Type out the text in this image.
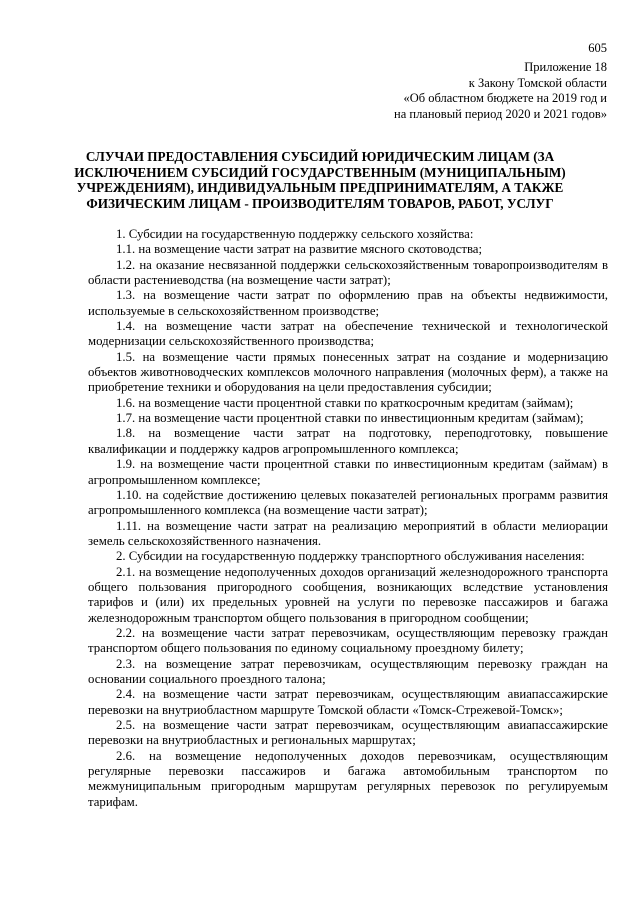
605
Приложение 18
к Закону Томской области
«Об областном бюджете на 2019 год и
на плановый период 2020 и 2021 годов»
СЛУЧАИ ПРЕДОСТАВЛЕНИЯ СУБСИДИЙ ЮРИДИЧЕСКИМ ЛИЦАМ (ЗА
ИСКЛЮЧЕНИЕМ СУБСИДИЙ ГОСУДАРСТВЕННЫМ (МУНИЦИПАЛЬНЫМ)
УЧРЕЖДЕНИЯМ), ИНДИВИДУАЛЬНЫМ ПРЕДПРИНИМАТЕЛЯМ, А ТАКЖЕ
ФИЗИЧЕСКИМ ЛИЦАМ - ПРОИЗВОДИТЕЛЯМ ТОВАРОВ, РАБОТ, УСЛУГ

1. Субсидии на государственную поддержку сельского хозяйства:

1.1. на возмещение части затрат на развитие мясного скотоводства;

1.2. на оказание несвязанной поддержки сельскохозяйственным товаропроизводителям в области растениеводства (на возмещение части затрат);

1.3. на возмещение части затрат по оформлению прав на объекты недвижимости, используемые в сельскохозяйственном производстве;

1.4. на возмещение части затрат на обеспечение технической и технологической модернизации сельскохозяйственного производства;

1.5. на возмещение части прямых понесенных затрат на создание и модернизацию объектов животноводческих комплексов молочного направления (молочных ферм), а также на приобретение техники и оборудования на цели предоставления субсидии;

1.6. на возмещение части процентной ставки по краткосрочным кредитам (займам);

1.7. на возмещение части процентной ставки по инвестиционным кредитам (займам);

1.8. на возмещение части затрат на подготовку, переподготовку, повышение квалификации и поддержку кадров агропромышленного комплекса;

1.9. на возмещение части процентной ставки по инвестиционным кредитам (займам) в агропромышленном комплексе;

1.10. на содействие достижению целевых показателей региональных программ развития агропромышленного комплекса (на возмещение части затрат);

1.11. на возмещение части затрат на реализацию мероприятий в области мелиорации земель сельскохозяйственного назначения.

2. Субсидии на государственную поддержку транспортного обслуживания населения:

2.1. на возмещение недополученных доходов организаций железнодорожного транспорта общего пользования пригородного сообщения, возникающих вследствие установления тарифов и (или) их предельных уровней на услуги по перевозке пассажиров и багажа железнодорожным транспортом общего пользования в пригородном сообщении;

2.2. на возмещение части затрат перевозчикам, осуществляющим перевозку граждан транспортом общего пользования по единому социальному проездному билету;

2.3. на возмещение затрат перевозчикам, осуществляющим перевозку граждан на основании социального проездного талона;

2.4. на возмещение части затрат перевозчикам, осуществляющим авиапассажирские перевозки на внутриобластном маршруте Томской области «Томск-Стрежевой-Томск»;

2.5. на возмещение части затрат перевозчикам, осуществляющим авиапассажирские перевозки на внутриобластных и региональных маршрутах;

2.6. на возмещение недополученных доходов перевозчикам, осуществляющим регулярные перевозки пассажиров и багажа автомобильным транспортом по межмуниципальным пригородным маршрутам регулярных перевозок по регулируемым тарифам.
